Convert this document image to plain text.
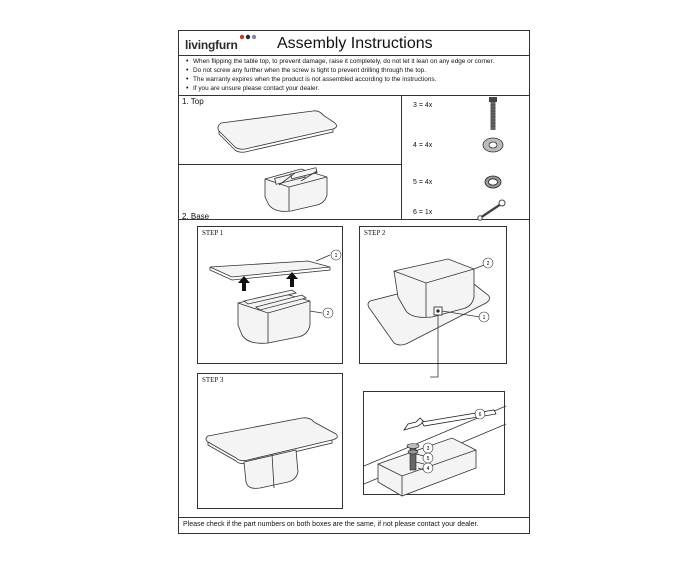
livingfurn Assembly Instructions
• When flipping the table top, to prevent damage, raise it completely, do not let it lean on any edge or corner.
• Do not screw any further when the screw is tight to prevent drilling through the top.
• The warranty expires when the product is not assembled according to the instructions.
• If you are unsure please contact your dealer.
1. Top
2. Base
3 = 4x
4 = 4x
5 = 4x
6 = 1x
STEP 1
1
2
STEP 2
2
1
STEP 3
6
3
5
4
Please check if the part numbers on both boxes are the same, if not please contact your dealer.
